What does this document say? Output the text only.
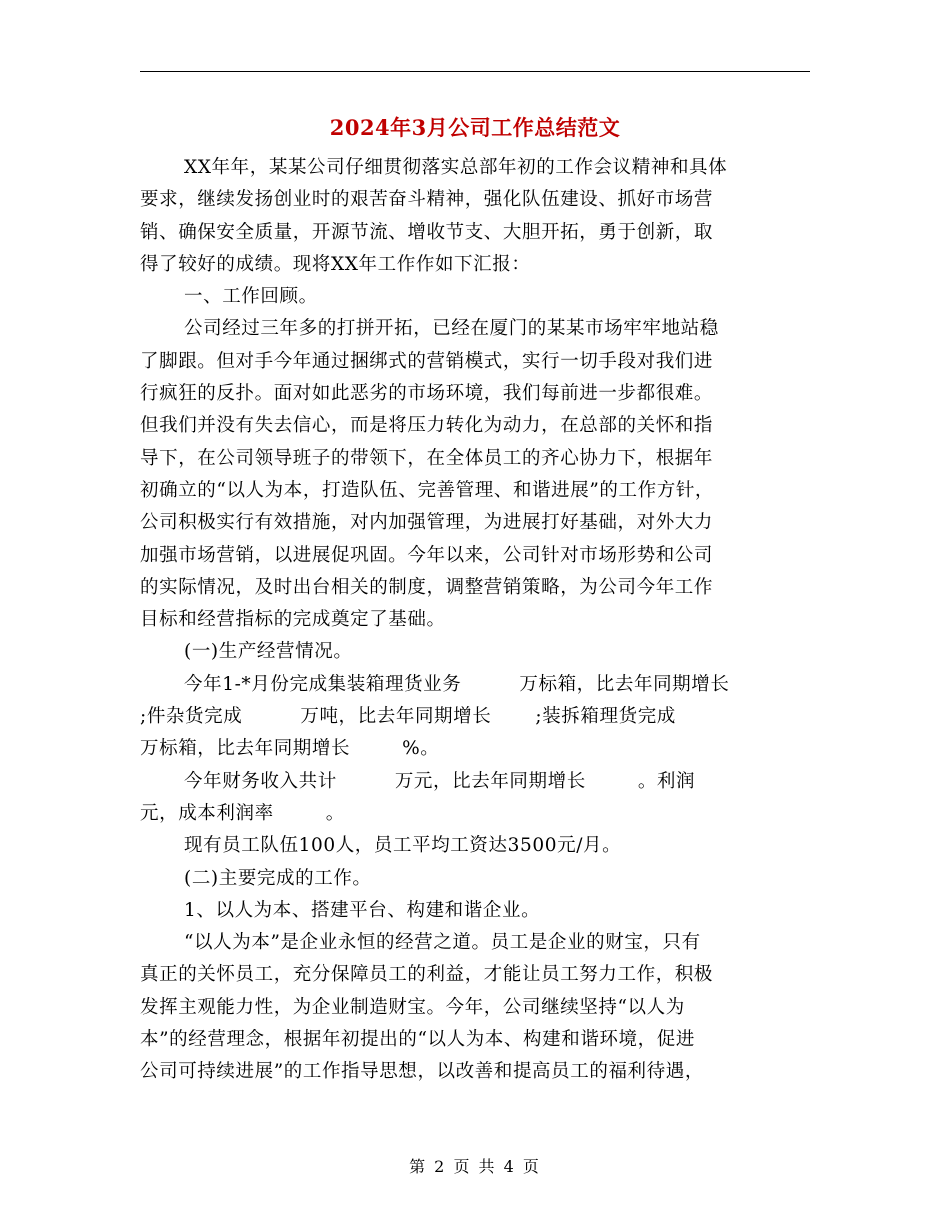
2024年3月公司工作总结范文
XX年年，某某公司仔细贯彻落实总部年初的工作会议精神和具体
要求，继续发扬创业时的艰苦奋斗精神，强化队伍建设、抓好市场营
销、确保安全质量，开源节流、增收节支、大胆开拓，勇于创新，取
得了较好的成绩。现将XX年工作作如下汇报：
一、工作回顾。
公司经过三年多的打拼开拓，已经在厦门的某某市场牢牢地站稳
了脚跟。但对手今年通过捆绑式的营销模式，实行一切手段对我们进
行疯狂的反扑。面对如此恶劣的市场环境，我们每前进一步都很难。
但我们并没有失去信心，而是将压力转化为动力，在总部的关怀和指
导下，在公司领导班子的带领下，在全体员工的齐心协力下，根据年
初确立的“以人为本，打造队伍、完善管理、和谐进展”的工作方针，
公司积极实行有效措施，对内加强管理，为进展打好基础，对外大力
加强市场营销，以进展促巩固。今年以来，公司针对市场形势和公司
的实际情况，及时出台相关的制度，调整营销策略，为公司今年工作
目标和经营指标的完成奠定了基础。
(一)生产经营情况。
今年1-*月份完成集装箱理货业务	万标箱，比去年同期增长
;件杂货完成	万吨，比去年同期增长 ;装拆箱理货完成
万标箱，比去年同期增长	%。
今年财务收入共计	万元，比去年同期增长	。利润
元，成本利润率	。
现有员工队伍100人，员工平均工资达3500元/月。
(二)主要完成的工作。
1、以人为本、搭建平台、构建和谐企业。
“以人为本”是企业永恒的经营之道。员工是企业的财宝，只有
真正的关怀员工，充分保障员工的利益，才能让员工努力工作，积极
发挥主观能力性，为企业制造财宝。今年，公司继续坚持“以人为
本”的经营理念，根据年初提出的“以人为本、构建和谐环境，促进
公司可持续进展”的工作指导思想，以改善和提高员工的福利待遇，
第 2 页 共 4 页
